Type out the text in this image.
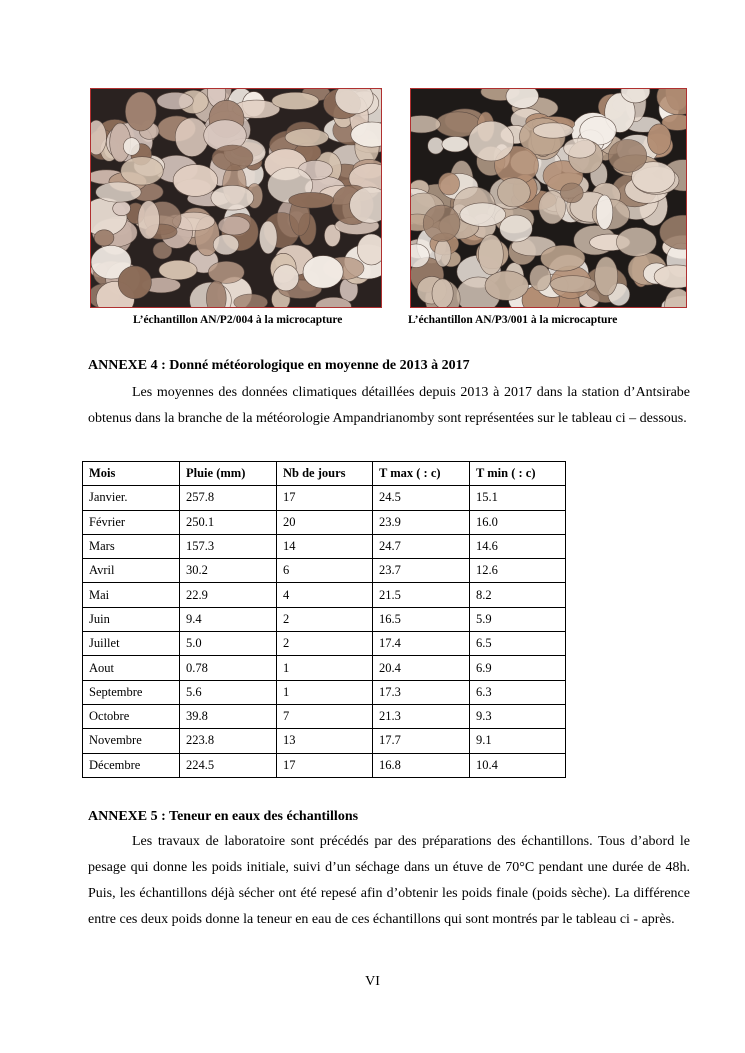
L’échantillon AN/P2/004 à la microcapture	L’échantillon AN/P3/001 à la microcapture
ANNEXE 4 : Donné météorologique en moyenne de 2013 à 2017
Les moyennes des données climatiques détaillées depuis 2013 à 2017 dans la station d’Antsirabe obtenus dans la branche de la météorologie Ampandrianomby sont représentées sur le tableau ci – dessous.
Mois	Pluie (mm)	Nb de jours	T max ( : c)	T min ( : c)
Janvier.	257.8	17	24.5	15.1
Février	250.1	20	23.9	16.0
Mars	157.3	14	24.7	14.6
Avril	30.2	6	23.7	12.6
Mai	22.9	4	21.5	8.2
Juin	9.4	2	16.5	5.9
Juillet	5.0	2	17.4	6.5
Aout	0.78	1	20.4	6.9
Septembre	5.6	1	17.3	6.3
Octobre	39.8	7	21.3	9.3
Novembre	223.8	13	17.7	9.1
Décembre	224.5	17	16.8	10.4
ANNEXE 5 : Teneur en eaux des échantillons
Les travaux de laboratoire sont précédés par des préparations des échantillons. Tous d’abord le pesage qui donne les poids initiale, suivi d’un séchage dans un étuve de 70°C pendant une durée de 48h. Puis, les échantillons déjà sécher ont été repesé afin d’obtenir les poids finale (poids sèche). La différence entre ces deux poids donne la teneur en eau de ces échantillons qui sont montrés par le tableau ci - après.
VI
